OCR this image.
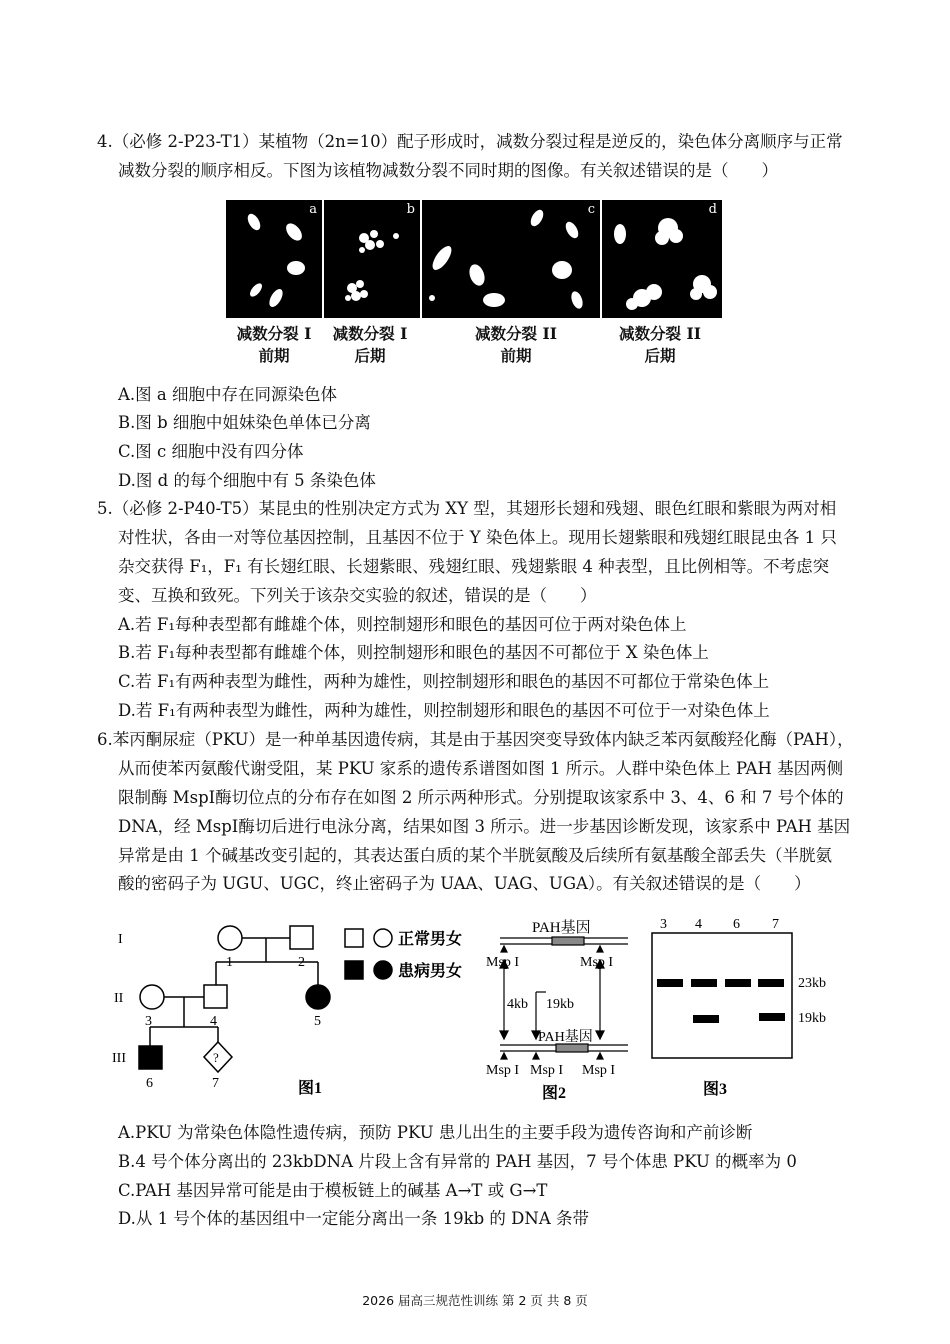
4.（必修 2-P23-T1）某植物（2n=10）配子形成时，减数分裂过程是逆反的，染色体分离顺序与正常
减数分裂的顺序相反。下图为该植物减数分裂不同时期的图像。有关叙述错误的是（　　）
a	b	c	d
减数分裂 I
前期
减数分裂 I
后期
减数分裂 II
前期
减数分裂 II
后期
A.图 a 细胞中存在同源染色体
B.图 b 细胞中姐妹染色单体已分离
C.图 c 细胞中没有四分体
D.图 d 的每个细胞中有 5 条染色体
5.（必修 2-P40-T5）某昆虫的性别决定方式为 XY 型，其翅形长翅和残翅、眼色红眼和紫眼为两对相
对性状，各由一对等位基因控制，且基因不位于 Y 染色体上。现用长翅紫眼和残翅红眼昆虫各 1 只
杂交获得 F₁，F₁ 有长翅红眼、长翅紫眼、残翅红眼、残翅紫眼 4 种表型，且比例相等。不考虑突
变、互换和致死。下列关于该杂交实验的叙述，错误的是（　　）
A.若 F₁每种表型都有雌雄个体，则控制翅形和眼色的基因可位于两对染色体上
B.若 F₁每种表型都有雌雄个体，则控制翅形和眼色的基因不可都位于 X 染色体上
C.若 F₁有两种表型为雌性，两种为雄性，则控制翅形和眼色的基因不可都位于常染色体上
D.若 F₁有两种表型为雌性，两种为雄性，则控制翅形和眼色的基因不可位于一对染色体上
6.苯丙酮尿症（PKU）是一种单基因遗传病，其是由于基因突变导致体内缺乏苯丙氨酸羟化酶（PAH），
从而使苯丙氨酸代谢受阻，某 PKU 家系的遗传系谱图如图 1 所示。人群中染色体上 PAH 基因两侧
限制酶 MspI酶切位点的分布存在如图 2 所示两种形式。分别提取该家系中 3、4、6 和 7 号个体的
DNA，经 MspI酶切后进行电泳分离，结果如图 3 所示。进一步基因诊断发现，该家系中 PAH 基因
异常是由 1 个碱基改变引起的，其表达蛋白质的某个半胱氨酸及后续所有氨基酸全部丢失（半胱氨
酸的密码子为 UGU、UGC，终止密码子为 UAA、UAG、UGA）。有关叙述错误的是（　　）
I
II
III
1	2
3	4	5
6	7
?
正常男女
患病男女
图1
PAH基因
PAH基因
Msp I	Msp I
Msp I Msp I Msp I
4kb 19kb
图2
3 4 6 7
23kb
19kb
图3
A.PKU 为常染色体隐性遗传病，预防 PKU 患儿出生的主要手段为遗传咨询和产前诊断
B.4 号个体分离出的 23kbDNA 片段上含有异常的 PAH 基因，7 号个体患 PKU 的概率为 0
C.PAH 基因异常可能是由于模板链上的碱基 A→T 或 G→T
D.从 1 号个体的基因组中一定能分离出一条 19kb 的 DNA 条带
2026 届高三规范性训练 第 2 页 共 8 页
